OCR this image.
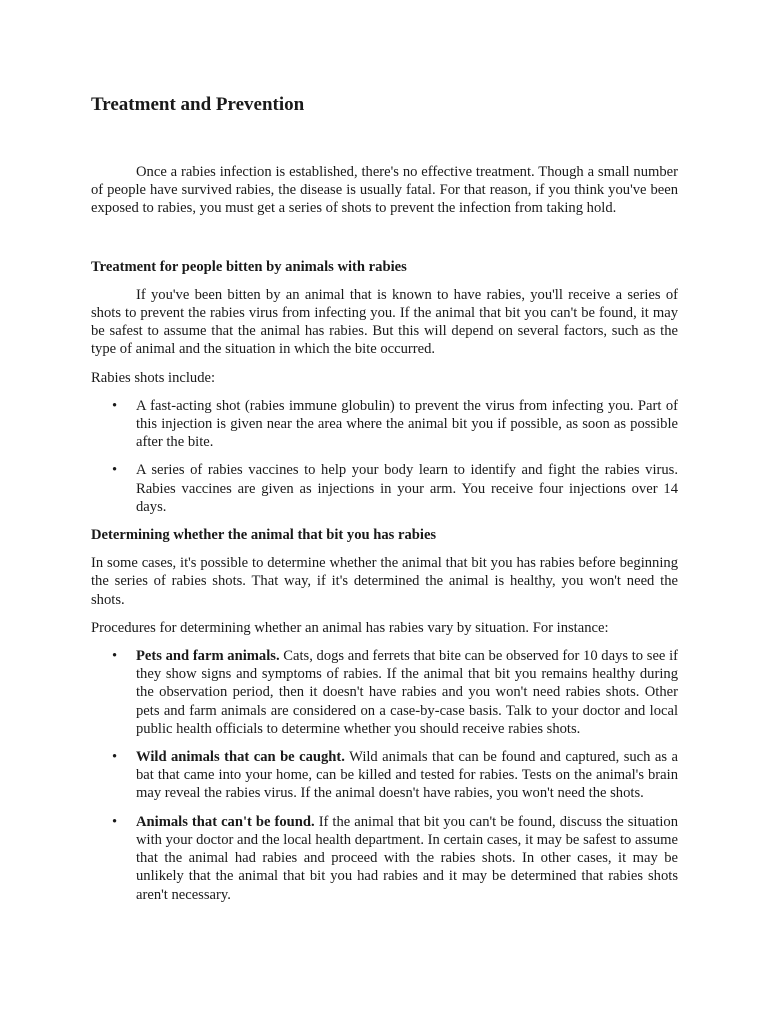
Treatment and Prevention

Once a rabies infection is established, there's no effective treatment. Though a small number of people have survived rabies, the disease is usually fatal. For that reason, if you think you've been exposed to rabies, you must get a series of shots to prevent the infection from taking hold.

Treatment for people bitten by animals with rabies

If you've been bitten by an animal that is known to have rabies, you'll receive a series of shots to prevent the rabies virus from infecting you. If the animal that bit you can't be found, it may be safest to assume that the animal has rabies. But this will depend on several factors, such as the type of animal and the situation in which the bite occurred.

Rabies shots include:

• A fast-acting shot (rabies immune globulin) to prevent the virus from infecting you. Part of this injection is given near the area where the animal bit you if possible, as soon as possible after the bite.
• A series of rabies vaccines to help your body learn to identify and fight the rabies virus. Rabies vaccines are given as injections in your arm. You receive four injections over 14 days.
Determining whether the animal that bit you has rabies

In some cases, it's possible to determine whether the animal that bit you has rabies before beginning the series of rabies shots. That way, if it's determined the animal is healthy, you won't need the shots.

Procedures for determining whether an animal has rabies vary by situation. For instance:

• Pets and farm animals. Cats, dogs and ferrets that bite can be observed for 10 days to see if they show signs and symptoms of rabies. If the animal that bit you remains healthy during the observation period, then it doesn't have rabies and you won't need rabies shots. Other pets and farm animals are considered on a case-by-case basis. Talk to your doctor and local public health officials to determine whether you should receive rabies shots.
• Wild animals that can be caught. Wild animals that can be found and captured, such as a bat that came into your home, can be killed and tested for rabies. Tests on the animal's brain may reveal the rabies virus. If the animal doesn't have rabies, you won't need the shots.
• Animals that can't be found. If the animal that bit you can't be found, discuss the situation with your doctor and the local health department. In certain cases, it may be safest to assume that the animal had rabies and proceed with the rabies shots. In other cases, it may be unlikely that the animal that bit you had rabies and it may be determined that rabies shots aren't necessary.
